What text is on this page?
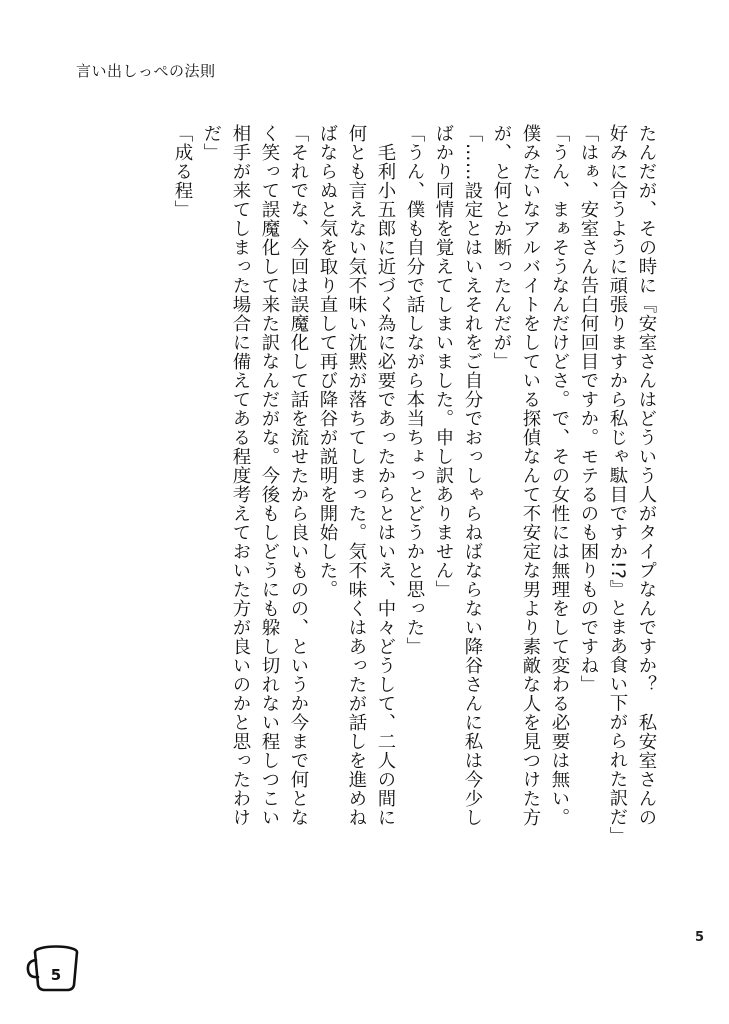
言い出しっぺの法則

たんだが、その時に『安室さんはどういう人がタイプなんですか？　私安室さんの

好みに合うように頑張りますから私じゃ駄目ですか!?』とまあ食い下がられた訳だ」

「はぁ、安室さん告白何回目ですか。モテるのも困りものですね」

「うん、まぁそうなんだけどさ。で、その女性には無理をして変わる必要は無い。

僕みたいなアルバイトをしている探偵なんて不安定な男より素敵な人を見つけた方

が、と何とか断ったんだが」

「……設定とはいえそれをご自分でおっしゃらねばならない降谷さんに私は今少し

ばかり同情を覚えてしまいました。申し訳ありません」

「うん、僕も自分で話しながら本当ちょっとどうかと思った」

　毛利小五郎に近づく為に必要であったからとはいえ、中々どうして、二人の間に

何とも言えない気不味い沈黙が落ちてしまった。気不味くはあったが話しを進めね

ばならぬと気を取り直して再び降谷が説明を開始した。

「それでな、今回は誤魔化して話を流せたから良いものの、というか今まで何とな

く笑って誤魔化して来た訳なんだがな。今後もしどうにも躱し切れない程しつこい

相手が来てしまった場合に備えてある程度考えておいた方が良いのかと思ったわけ

だ」

「成る程」

5
5
